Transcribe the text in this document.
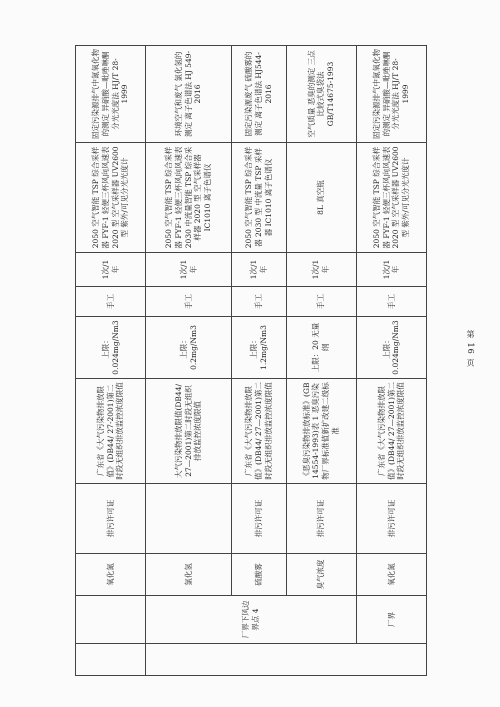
		氧化氮	排污许可证	广东省《大气污染物排放限值》(DB44/ 27-2001)第二时段无组织排放监控浓度限值	上限：0.024mg/Nm3	手工	1次/1年	2050 空气智能 TSP 综合采样器 FYF-1 轻便三杯风向风速表 2020 型 空气采样器 UV2600 型 紫外/可见分光光度计	固定污染源排气中氮氧化物的测定 异硝酸—吡唑啉酮分光光度法 HJ/T 28-1999
	厂界下风边界点 4	氯化氢		大气污染物排放限值(DB44/ 27—2001)第二时段无组织排放监控浓度限值	上限：0.2mg/Nm3	手工	1次/1年	2050 空气智能 TSP 综合采样器 FYF-1 轻便三杯风向风速表 2030 中流量智能 TSP 综合采样器 2020 型 空气采样器 IC1010 离子色谱仪	环境空气和废气 氯化氢的测定 离子色谱法 HJ 549-2016
		硫酸雾	排污许可证	广东省《大气污染物排放限值》(DB44/ 27—2001)第二时段无组织排放监控浓度限值	上限：1.2mg/Nm3	手工	1次/1年	2050 空气智能 TSP 综合采样器 2030 型 中流量 TSP 采样器 IC1010 离子色谱仪	固定污染源废气 硫酸雾的测定 离子色谱法 HJ544-2016
		臭气浓度	排污许可证	《恶臭污染物排放标准》(GB 14554-1993)表 1 恶臭污染物厂界标准值新扩改建二级标准	上限：20 无量纲	手工	1次/1年	8L 真空瓶	空气质量 恶臭的测定 三点比较式臭袋法 GB/T14675-1993
	厂界	氧化氮	排污许可证	广东省《大气污染物排放限值》(DB44/ 27—2001)第二时段无组织排放监控浓度限值	上限：0.024mg/Nm3	手工	1次/1年	2050 空气智能 TSP 综合采样器 FYF-1 轻便三杯风向风速表 2020 型 空气采样器 UV2600 型 紫外/可见分光光度计	固定污染源排气中氮氧化物的测定 异硝酸—吡唑啉酮分光光度法 HJ/T 28-1999
第 16 页
